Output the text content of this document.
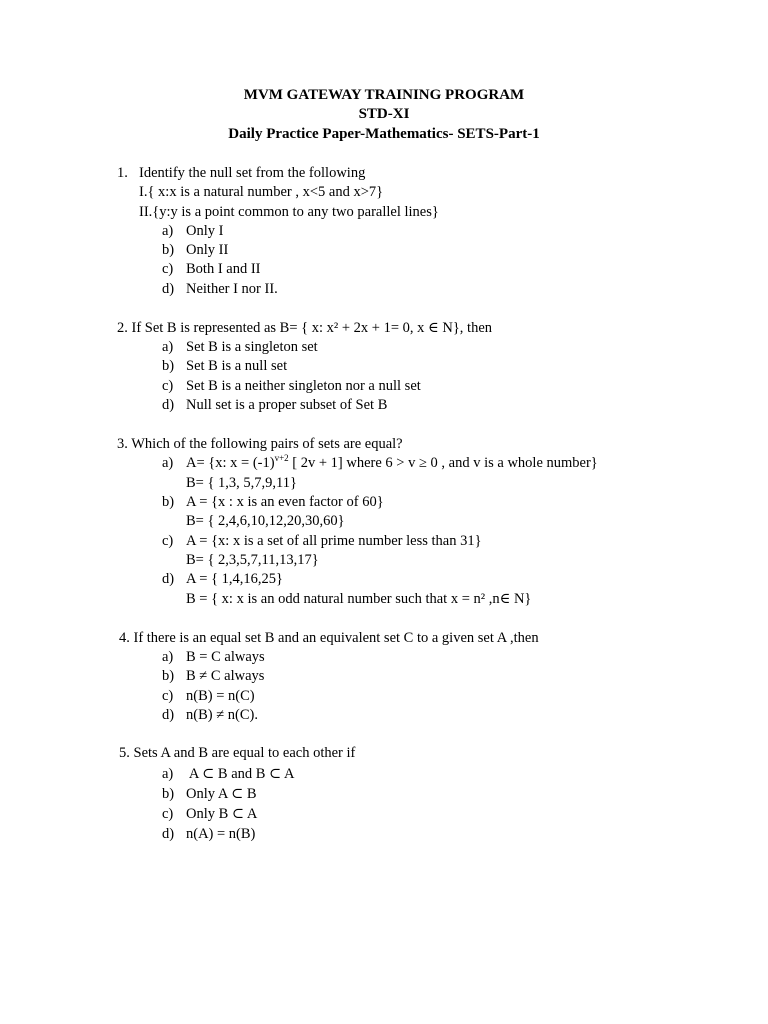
MVM GATEWAY TRAINING PROGRAM
STD-XI
Daily Practice Paper-Mathematics- SETS-Part-1
1. Identify the null set from the following
I.{ x:x is a natural number , x<5 and x>7}
II.{y:y is a point common to any two parallel lines}
a) Only I
b) Only II
c) Both I and II
d) Neither I nor II.
2. If Set B is represented as B= { x: x² + 2x + 1= 0, x ∈ N}, then
a) Set B is a singleton set
b) Set B is a null set
c) Set B is a neither singleton nor a null set
d) Null set is a proper subset of Set B
3. Which of the following pairs of sets are equal?
a) A= {x: $x = (-1)^{v+2}$ [ 2v + 1] where 6 > v ≥ 0 , and v is a whole number}
B= { 1,3, 5,7,9,11}
b) A = {x : x is an even factor of 60}
B= { 2,4,6,10,12,20,30,60}
c) A = {x: x is a set of all prime number less than 31}
B= { 2,3,5,7,11,13,17}
d) A = { 1,4,16,25}
B = { x: x is an odd natural number such that x = n² ,n∈ N}
4. If there is an equal set B and an equivalent set C to a given set A ,then
a) B = C always
b) B ≠ C always
c) n(B) = n(C)
d) n(B) ≠ n(C).
5. Sets A and B are equal to each other if
a) A ⊂ B and B ⊂ A
b) Only A ⊂ B
c) Only B ⊂ A
d) n(A) = n(B)
